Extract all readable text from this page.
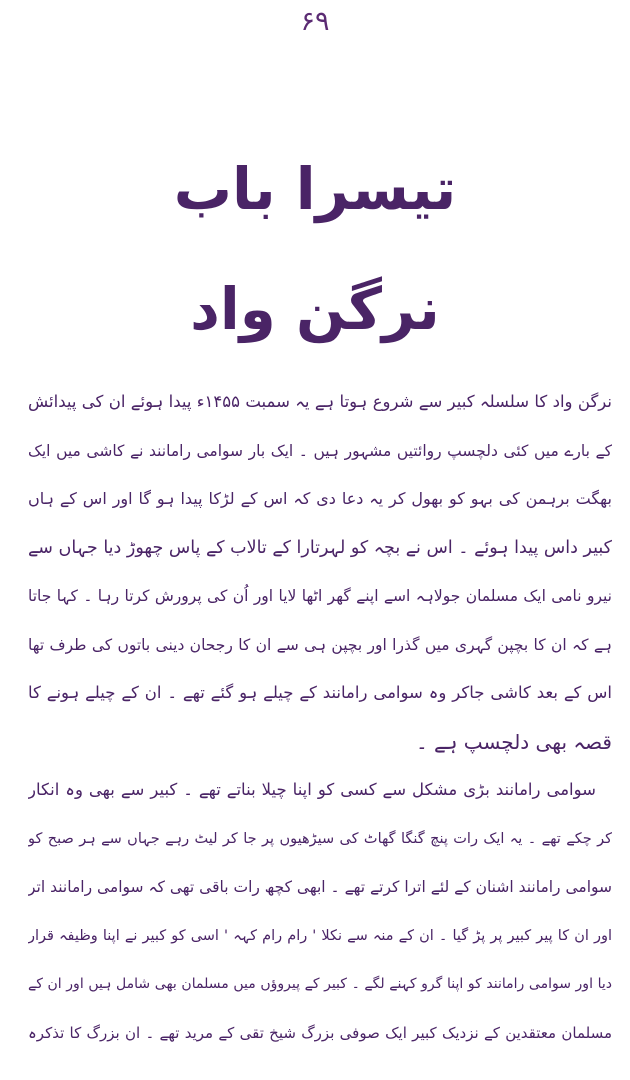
۶۹
تیسرا باب
نرگن واد
نرگن واد کا سلسلہ کبیر سے شروع ہوتا ہے یہ سمبت ۱۴۵۵ء پیدا ہوئے ان کی پیدائش
کے بارے میں کئی دلچسپ روائتیں مشہور ہیں ۔ ایک بار سوامی رامانند نے کاشی میں ایک
بھگت برہمن کی بہو کو بھول کر یہ دعا دی کہ اس کے لڑکا پیدا ہو گا اور اس کے ہاں
کبیر داس پیدا ہوئے ۔ اس نے بچہ کو لہرتارا کے تالاب کے پاس چھوڑ دیا جہاں سے
نیرو نامی ایک مسلمان جولاہہ اسے اپنے گھر اٹھا لایا اور اُن کی پرورش کرتا رہا ۔ کہا جاتا
ہے کہ ان کا بچپن گہری میں گذرا اور بچپن ہی سے ان کا رجحان دینی باتوں کی طرف تھا
اس کے بعد کاشی جاکر وہ سوامی رامانند کے چیلے ہو گئے تھے ۔ ان کے چیلے ہونے کا
قصہ بھی دلچسپ ہے ۔
سوامی رامانند بڑی مشکل سے کسی کو اپنا چیلا بناتے تھے ۔ کبیر سے بھی وہ انکار
کر چکے تھے ۔ یہ ایک رات پنچ گنگا گھاٹ کی سیڑھیوں پر جا کر لیٹ رہے جہاں سے ہر صبح کو
سوامی رامانند اشنان کے لئے اترا کرتے تھے ۔ ابھی کچھ رات باقی تھی کہ سوامی رامانند اتر
اور ان کا پیر کبیر پر پڑ گیا ۔ ان کے منہ سے نکلا ' رام رام کہہ ' اسی کو کبیر نے اپنا وظیفہ قرار
دیا اور سوامی رامانند کو اپنا گرو کہنے لگے ۔ کبیر کے پیروؤں میں مسلمان بھی شامل ہیں اور ان کے
مسلمان معتقدین کے نزدیک کبیر ایک صوفی بزرگ شیخ تقی کے مرید تھے ۔ ان بزرگ کا تذکرہ
